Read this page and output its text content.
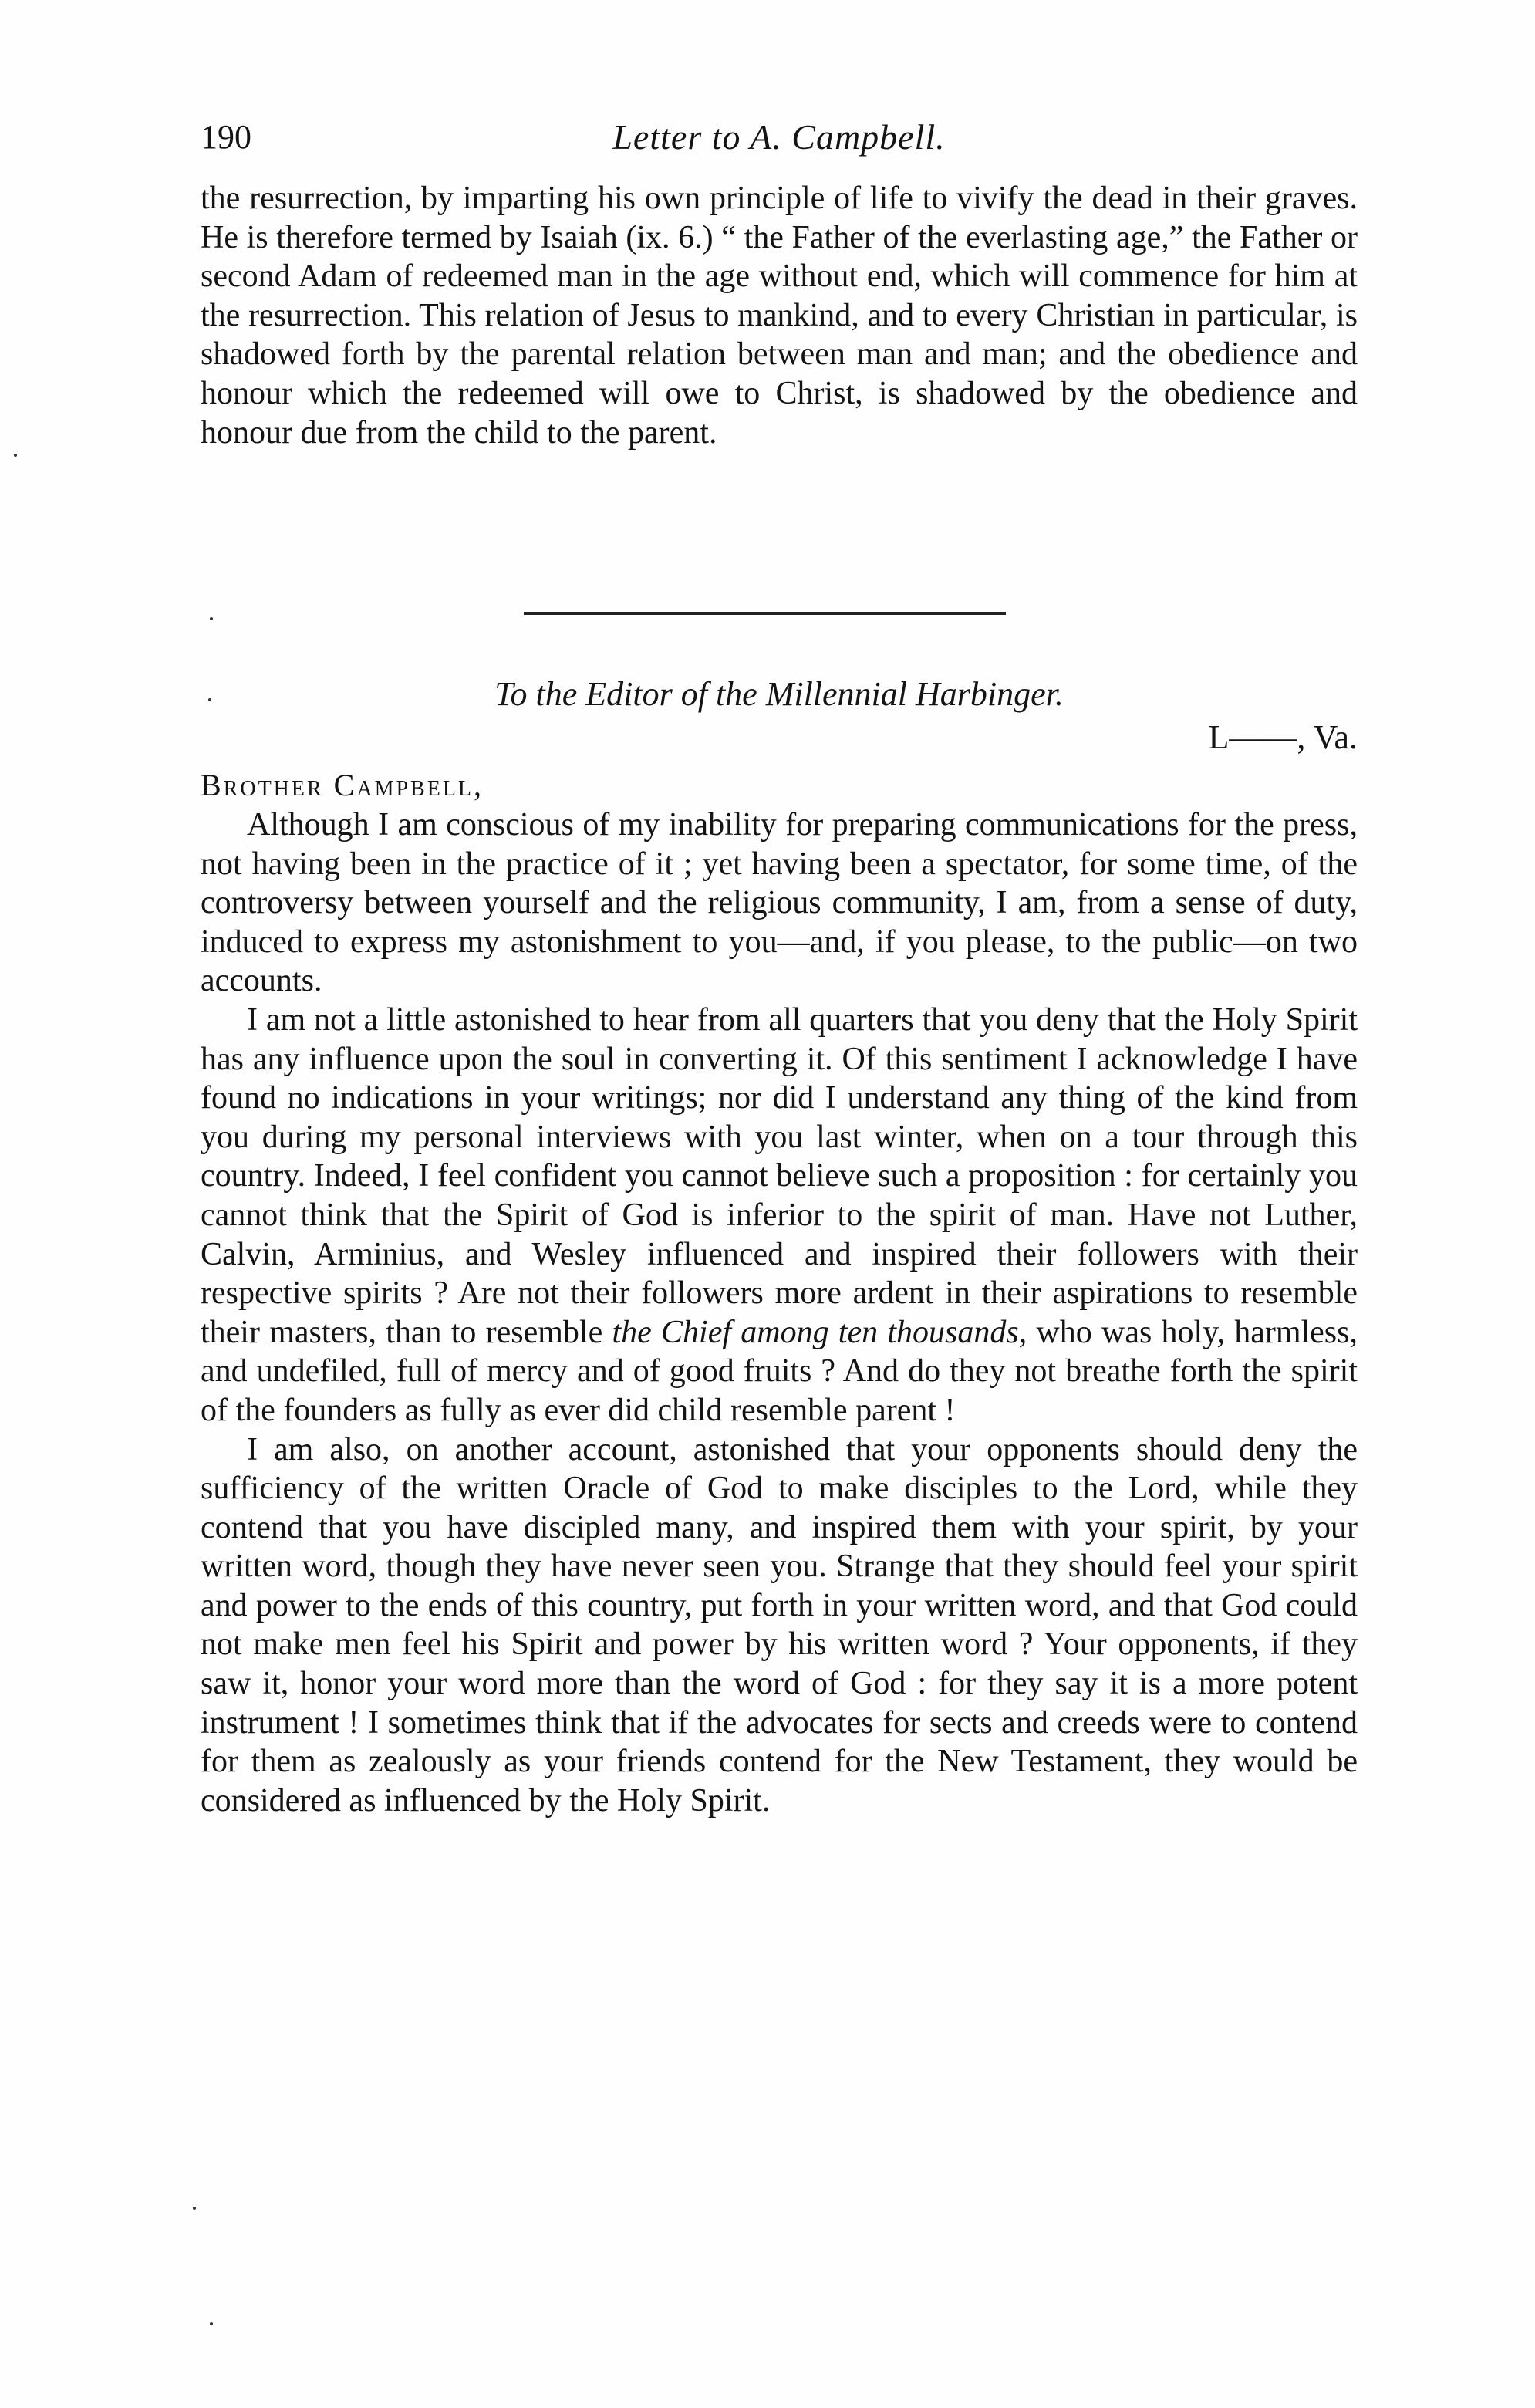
190	Letter to A. Campbell.

the resurrection, by imparting his own principle of life to vivify the dead in their graves. He is therefore termed by Isaiah (ix. 6.) “ the Father of the everlasting age,” the Father or second Adam of redeemed man in the age without end, which will commence for him at the resurrection. This relation of Jesus to mankind, and to every Christian in particular, is shadowed forth by the parental relation between man and man; and the obedience and honour which the redeemed will owe to Christ, is shadowed by the obedience and honour due from the child to the parent.

To the Editor of the Millennial Harbinger.
L——, Va.
Brother Campbell,

Although I am conscious of my inability for preparing communications for the press, not having been in the practice of it ; yet having been a spectator, for some time, of the controversy between yourself and the religious community, I am, from a sense of duty, induced to express my astonishment to you—and, if you please, to the public—on two accounts.

I am not a little astonished to hear from all quarters that you deny that the Holy Spirit has any influence upon the soul in converting it. Of this sentiment I acknowledge I have found no indications in your writings; nor did I understand any thing of the kind from you during my personal interviews with you last winter, when on a tour through this country. Indeed, I feel confident you cannot believe such a proposition : for certainly you cannot think that the Spirit of God is inferior to the spirit of man. Have not Luther, Calvin, Arminius, and Wesley influenced and inspired their followers with their respective spirits ? Are not their followers more ardent in their aspirations to resemble their masters, than to resemble the Chief among ten thousands, who was holy, harmless, and undefiled, full of mercy and of good fruits ? And do they not breathe forth the spirit of the founders as fully as ever did child resemble parent !

I am also, on another account, astonished that your opponents should deny the sufficiency of the written Oracle of God to make disciples to the Lord, while they contend that you have discipled many, and inspired them with your spirit, by your written word, though they have never seen you. Strange that they should feel your spirit and power to the ends of this country, put forth in your written word, and that God could not make men feel his Spirit and power by his written word ? Your opponents, if they saw it, honor your word more than the word of God : for they say it is a more potent instrument ! I sometimes think that if the advocates for sects and creeds were to contend for them as zealously as your friends contend for the New Testament, they would be considered as influenced by the Holy Spirit.
